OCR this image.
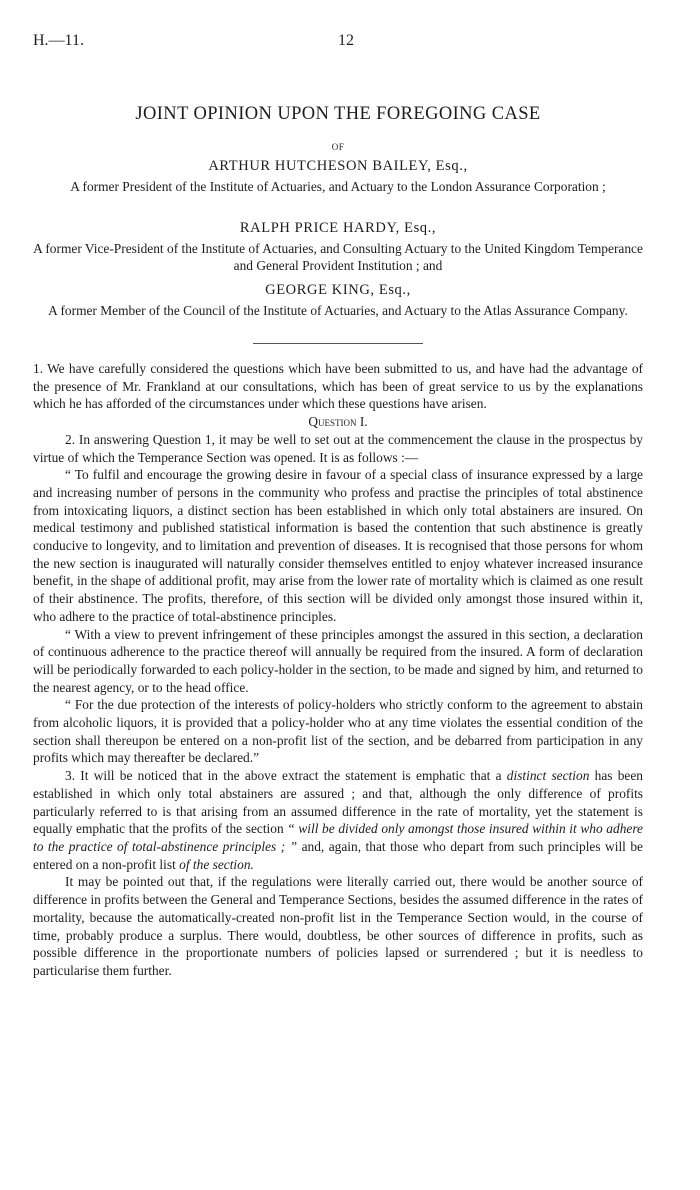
H.—11.	12
JOINT OPINION UPON THE FOREGOING CASE
OF
ARTHUR HUTCHESON BAILEY, Esq.,
A former President of the Institute of Actuaries, and Actuary to the London Assurance Corporation ;
RALPH PRICE HARDY, Esq.,
A former Vice-President of the Institute of Actuaries, and Consulting Actuary to the United Kingdom Temperance and General Provident Institution ; and
GEORGE KING, Esq.,
A former Member of the Council of the Institute of Actuaries, and Actuary to the Atlas Assurance Company.

1. We have carefully considered the questions which have been submitted to us, and have had the advantage of the presence of Mr. Frankland at our consultations, which has been of great service to us by the explanations which he has afforded of the circumstances under which these questions have arisen.

Question I.

2. In answering Question 1, it may be well to set out at the commencement the clause in the prospectus by virtue of which the Temperance Section was opened. It is as follows :—

“ To fulfil and encourage the growing desire in favour of a special class of insurance expressed by a large and increasing number of persons in the community who profess and practise the principles of total abstinence from intoxicating liquors, a distinct section has been established in which only total abstainers are insured. On medical testimony and published statistical information is based the contention that such abstinence is greatly conducive to longevity, and to limitation and prevention of diseases. It is recognised that those persons for whom the new section is inaugurated will naturally consider themselves entitled to enjoy whatever increased insurance benefit, in the shape of additional profit, may arise from the lower rate of mortality which is claimed as one result of their abstinence. The profits, therefore, of this section will be divided only amongst those insured within it, who adhere to the practice of total-abstinence principles.

“ With a view to prevent infringement of these principles amongst the assured in this section, a declaration of continuous adherence to the practice thereof will annually be required from the insured. A form of declaration will be periodically forwarded to each policy-holder in the section, to be made and signed by him, and returned to the nearest agency, or to the head office.

“ For the due protection of the interests of policy-holders who strictly conform to the agreement to abstain from alcoholic liquors, it is provided that a policy-holder who at any time violates the essential condition of the section shall thereupon be entered on a non-profit list of the section, and be debarred from participation in any profits which may thereafter be declared.”

3. It will be noticed that in the above extract the statement is emphatic that a distinct section has been established in which only total abstainers are assured ; and that, although the only difference of profits particularly referred to is that arising from an assumed difference in the rate of mortality, yet the statement is equally emphatic that the profits of the section “ will be divided only amongst those insured within it who adhere to the practice of total-abstinence principles ; ” and, again, that those who depart from such principles will be entered on a non-profit list of the section.

It may be pointed out that, if the regulations were literally carried out, there would be another source of difference in profits between the General and Temperance Sections, besides the assumed difference in the rates of mortality, because the automatically-created non-profit list in the Temperance Section would, in the course of time, probably produce a surplus. There would, doubtless, be other sources of difference in profits, such as possible difference in the proportionate numbers of policies lapsed or surrendered ; but it is needless to particularise them further.
